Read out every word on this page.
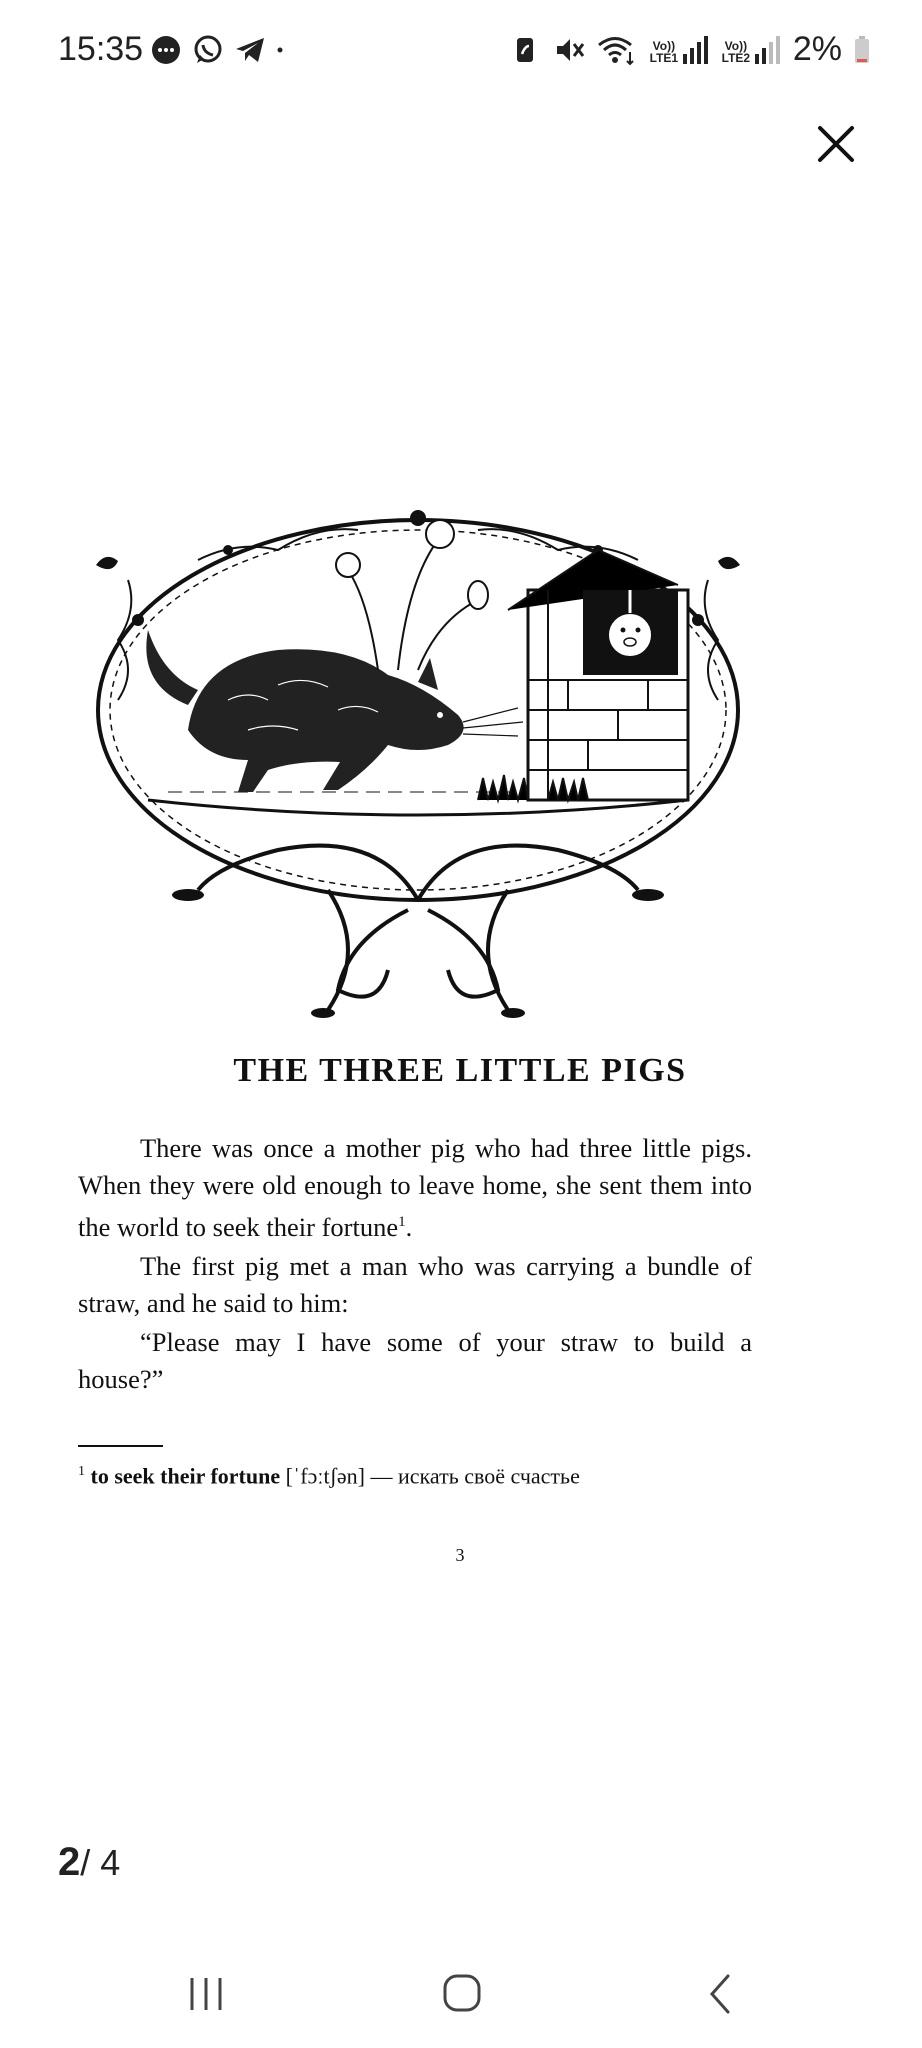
15:35	Vo)) LTE1
Vo)) LTE2 2%
THE THREE LITTLE PIGS

There was once a mother pig who had three little pigs. When they were old enough to leave home, she sent them into the world to seek their fortune$^1$.

The first pig met a man who was carrying a bundle of straw, and he said to him:

“Please may I have some of your straw to build a house?”

$^1$ to seek their fortune [ˈfɔːtʃən] — искать своё счастье
3
2/ 4
